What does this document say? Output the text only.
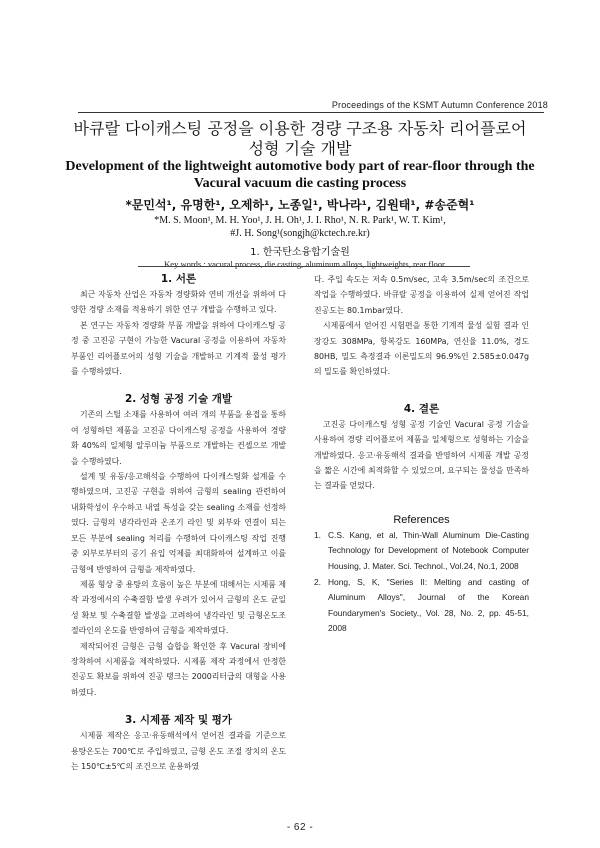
Proceedings of the KSMT Autumn Conference 2018
바큐랄 다이캐스팅 공정을 이용한 경량 구조용 자동차 리어플로어
성형 기술 개발
Development of the lightweight automotive body part of rear-floor through the
Vacural vacuum die casting process
*문민석¹, 유명한¹, 오제하¹, 노종일¹, 박나라¹, 김원태¹, #송준혁¹
*M. S. Moon¹, M. H. Yoo¹, J. H. Oh¹, J. I. Rho¹, N. R. Park¹, W. T. Kim¹,
#J. H. Song¹(songjh@kctech.re.kr)
1. 한국탄소융합기술원
Key words : vacural process, die casting, aluminum alloys, lightweights, rear floor
1. 서론

최근 자동차 산업은 자동차 경량화와 연비 개선을 위하여 다양한 경량 소재를 적용하기 위한 연구 개발을 수행하고 있다.

본 연구는 자동차 경량화 부품 개발을 위하여 다이캐스팅 공정 중 고진공 구현이 가능한 Vacural 공정을 이용하여 자동차 부품인 리어플로어의 성형 기술을 개발하고 기계적 물성 평가를 수행하였다.

2. 성형 공정 기술 개발

기존의 스틸 소재를 사용하여 여러 개의 부품을 용접을 통하여 성형하던 제품을 고진공 다이캐스팅 공정을 사용하여 경량화 40%의 일체형 알루미늄 부품으로 개발하는 컨셉으로 개발을 수행하였다.

설계 및 유동/응고해석을 수행하여 다이캐스팅화 설계를 수행하였으며, 고진공 구현을 위하여 금형의 sealing 관련하여 내화학성이 우수하고 내열 특성을 갖는 sealing 소재를 선정하였다. 금형의 냉각라인과 온조기 라인 및 외부와 연결이 되는 모든 부분에 sealing 처리를 수행하여 다이캐스팅 작업 진행 중 외부로부터의 공기 유입 억제를 최대화하여 설계하고 이를 금형에 반영하여 금형을 제작하였다.

제품 형상 중 용탕의 흐름이 높은 부분에 대해서는 시제품 제작 과정에서의 수축결함 발생 우려가 있어서 금형의 온도 균일성 확보 및 수축결함 발생을 고려하여 냉각라인 및 금형온도조절라인의 온도를 반영하여 금형을 제작하였다.

제작되어진 금형은 금형 습합을 확인한 후 Vacural 장비에 장착하여 시제품을 제작하였다. 시제품 제작 과정에서 안정한 진공도 확보를 위하여 진공 탱크는 2000리터급의 대형을 사용하였다.

3. 시제품 제작 및 평가

시제품 제작은 응고·유동해석에서 얻어진 결과를 기준으로 용탕온도는 700℃로 주입하였고, 금형 온도 조절 장치의 온도는 150℃±5℃의 조건으로 운용하였

다. 주입 속도는 저속 0.5m/sec, 고속 3.5m/sec의 조건으로 작업을 수행하였다. 바큐랄 공정을 이용하여 실제 얻어진 작업 진공도는 80.1mbar였다.

시제품에서 얻어진 시험편을 통한 기계적 물성 실험 결과 인장강도 308MPa, 항복강도 160MPa, 연신율 11.0%, 경도 80HB, 밀도 측정결과 이론밀도의 96.9%인 2.585±0.047g의 밀도를 확인하였다.

4. 결론

고진공 다이캐스팅 성형 공정 기술인 Vacural 공정 기술을 사용하여 경량 리어플로어 제품을 일체형으로 성형하는 기술을 개발하였다. 응고·유동해석 결과를 반영하여 시제품 개발 공정을 짧은 시간에 최적화할 수 있었으며, 요구되는 물성을 만족하는 결과를 얻었다.

References
1. C.S. Kang, et al, Thin-Wall Aluminum Die-Casting Technology for Development of Notebook Computer Housing, J. Mater. Sci. Technol., Vol.24, No.1, 2008
2. Hong, S, K, "Series II: Melting and casting of Aluminum Alloys", Journal of the Korean Foundarymen's Society., Vol. 28, No. 2, pp. 45-51, 2008
- 62 -
